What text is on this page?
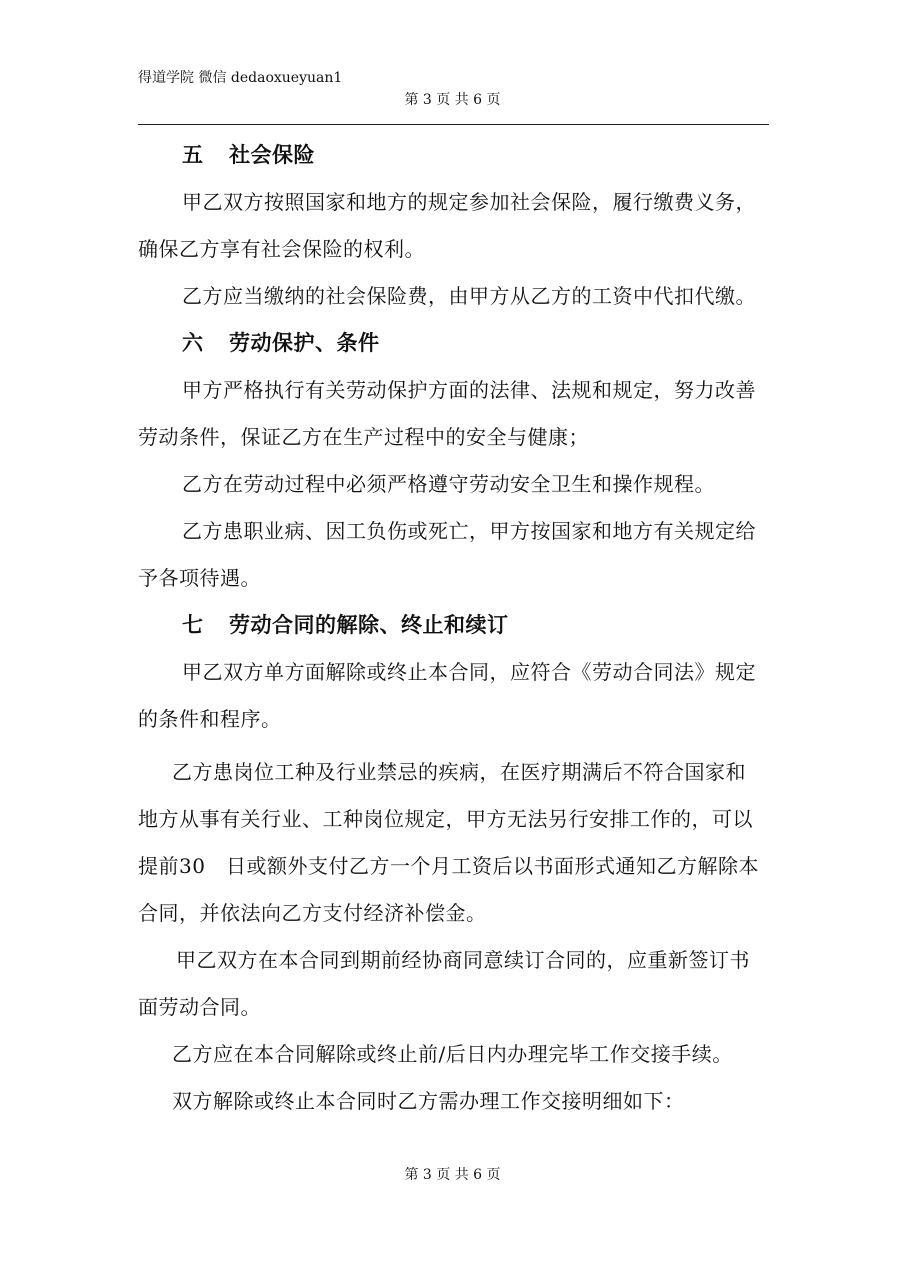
得道学院 微信 dedaoxueyuan1
第 3 页 共 6 页
五 社会保险
甲乙双方按照国家和地方的规定参加社会保险，履行缴费义务，
确保乙方享有社会保险的权利。
乙方应当缴纳的社会保险费，由甲方从乙方的工资中代扣代缴。
六 劳动保护、条件
甲方严格执行有关劳动保护方面的法律、法规和规定，努力改善
劳动条件，保证乙方在生产过程中的安全与健康；
乙方在劳动过程中必须严格遵守劳动安全卫生和操作规程。
乙方患职业病、因工负伤或死亡，甲方按国家和地方有关规定给
予各项待遇。
七 劳动合同的解除、终止和续订
甲乙双方单方面解除或终止本合同，应符合《劳动合同法》规定
的条件和程序。
乙方患岗位工种及行业禁忌的疾病，在医疗期满后不符合国家和
地方从事有关行业、工种岗位规定，甲方无法另行安排工作的，可以
提前30　日或额外支付乙方一个月工资后以书面形式通知乙方解除本
合同，并依法向乙方支付经济补偿金。
甲乙双方在本合同到期前经协商同意续订合同的，应重新签订书
面劳动合同。
乙方应在本合同解除或终止前/后日内办理完毕工作交接手续。
双方解除或终止本合同时乙方需办理工作交接明细如下：
第 3 页 共 6 页
